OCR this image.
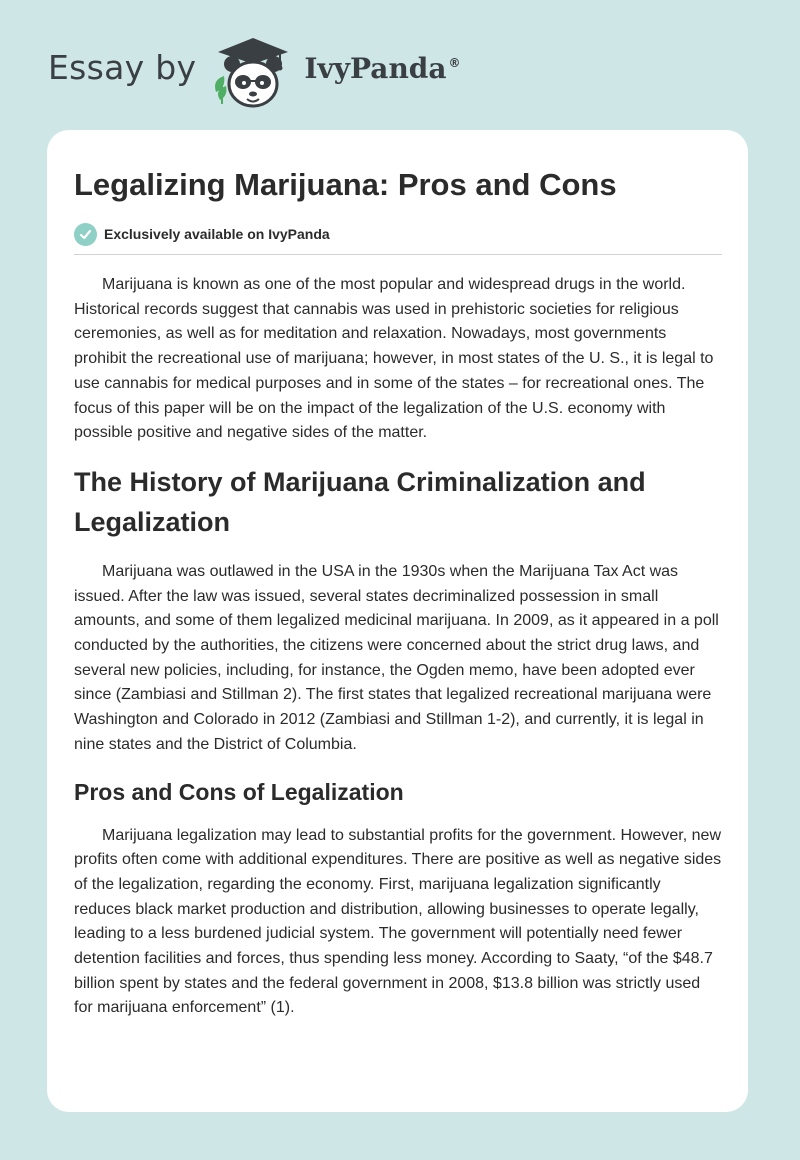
Essay by	IvyPanda ®
Legalizing Marijuana: Pros and Cons
Exclusively available on IvyPanda

Marijuana is known as one of the most popular and widespread drugs in the world. Historical records suggest that cannabis was used in prehistoric societies for religious ceremonies, as well as for meditation and relaxation. Nowadays, most governments prohibit the recreational use of marijuana; however, in most states of the U. S., it is legal to use cannabis for medical purposes and in some of the states – for recreational ones. The focus of this paper will be on the impact of the legalization of the U.S. economy with possible positive and negative sides of the matter.

The History of Marijuana Criminalization and Legalization

Marijuana was outlawed in the USA in the 1930s when the Marijuana Tax Act was issued. After the law was issued, several states decriminalized possession in small amounts, and some of them legalized medicinal marijuana. In 2009, as it appeared in a poll conducted by the authorities, the citizens were concerned about the strict drug laws, and several new policies, including, for instance, the Ogden memo, have been adopted ever since (Zambiasi and Stillman 2). The first states that legalized recreational marijuana were Washington and Colorado in 2012 (Zambiasi and Stillman 1-2), and currently, it is legal in nine states and the District of Columbia.

Pros and Cons of Legalization

Marijuana legalization may lead to substantial profits for the government. However, new profits often come with additional expenditures. There are positive as well as negative sides of the legalization, regarding the economy. First, marijuana legalization significantly reduces black market production and distribution, allowing businesses to operate legally, leading to a less burdened judicial system. The government will potentially need fewer detention facilities and forces, thus spending less money. According to Saaty, “of the $48.7 billion spent by states and the federal government in 2008, $13.8 billion was strictly used for marijuana enforcement” (1).
